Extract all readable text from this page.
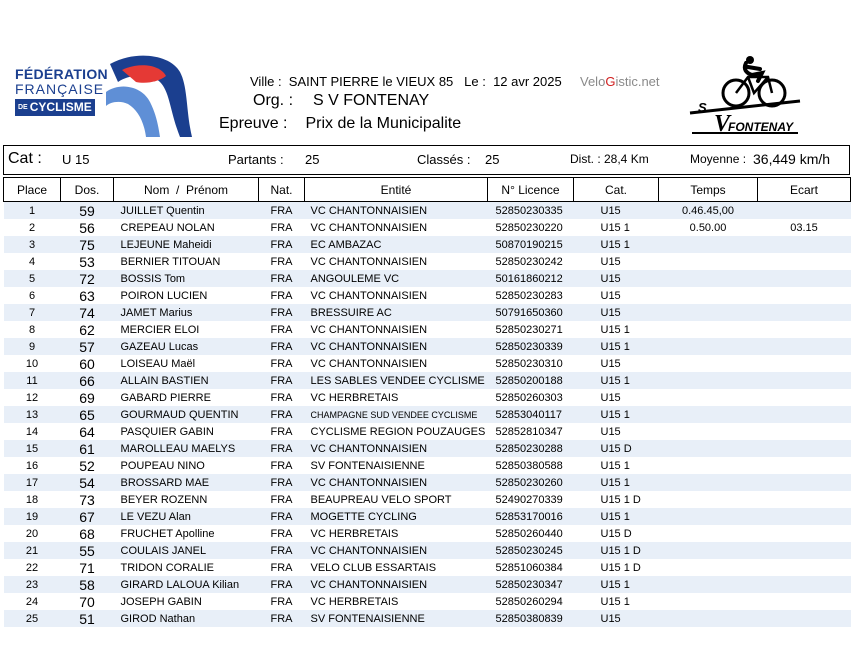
FÉDÉRATION
FRANÇAISE
DE CYCLISME
Ville : SAINT PIERRE le VIEUX 85 Le : 12 avr 2025 VeloGistic.net
Org. : S V FONTENAY
Epreuve : Prix de la Municipalite
S.
V
FONTENAY
Cat : U 15	Partants : 25	Classés : 25	Dist. : 28,4 Km	Moyenne : 36,449 km/h
Place	Dos.	Nom  /  Prénom	Nat.	Entité	N° Licence	Cat.	Temps	Ecart
1	59	JUILLET Quentin	FRA	VC CHANTONNAISIEN	52850230335	U15	0.46.45,00	
2	56	CREPEAU NOLAN	FRA	VC CHANTONNAISIEN	52850230220	U15 1	0.50.00	03.15
3	75	LEJEUNE Maheidi	FRA	EC AMBAZAC	50870190215	U15 1		
4	53	BERNIER TITOUAN	FRA	VC CHANTONNAISIEN	52850230242	U15		
5	72	BOSSIS Tom	FRA	ANGOULEME VC	50161860212	U15		
6	63	POIRON LUCIEN	FRA	VC CHANTONNAISIEN	52850230283	U15		
7	74	JAMET Marius	FRA	BRESSUIRE AC	50791650360	U15		
8	62	MERCIER ELOI	FRA	VC CHANTONNAISIEN	52850230271	U15 1		
9	57	GAZEAU Lucas	FRA	VC CHANTONNAISIEN	52850230339	U15 1		
10	60	LOISEAU Maël	FRA	VC CHANTONNAISIEN	52850230310	U15		
11	66	ALLAIN BASTIEN	FRA	LES SABLES VENDEE CYCLISME	52850200188	U15 1		
12	69	GABARD PIERRE	FRA	VC HERBRETAIS	52850260303	U15		
13	65	GOURMAUD QUENTIN	FRA	CHAMPAGNE SUD VENDEE CYCLISME	52853040117	U15 1		
14	64	PASQUIER GABIN	FRA	CYCLISME REGION POUZAUGES	52852810347	U15		
15	61	MAROLLEAU MAELYS	FRA	VC CHANTONNAISIEN	52850230288	U15 D		
16	52	POUPEAU NINO	FRA	SV FONTENAISIENNE	52850380588	U15 1		
17	54	BROSSARD MAE	FRA	VC CHANTONNAISIEN	52850230260	U15 1		
18	73	BEYER ROZENN	FRA	BEAUPREAU VELO SPORT	52490270339	U15 1 D		
19	67	LE VEZU Alan	FRA	MOGETTE CYCLING	52853170016	U15 1		
20	68	FRUCHET Apolline	FRA	VC HERBRETAIS	52850260440	U15 D		
21	55	COULAIS JANEL	FRA	VC CHANTONNAISIEN	52850230245	U15 1 D		
22	71	TRIDON CORALIE	FRA	VELO CLUB ESSARTAIS	52851060384	U15 1 D		
23	58	GIRARD LALOUA Kilian	FRA	VC CHANTONNAISIEN	52850230347	U15 1		
24	70	JOSEPH GABIN	FRA	VC HERBRETAIS	52850260294	U15 1		
25	51	GIROD Nathan	FRA	SV FONTENAISIENNE	52850380839	U15		
